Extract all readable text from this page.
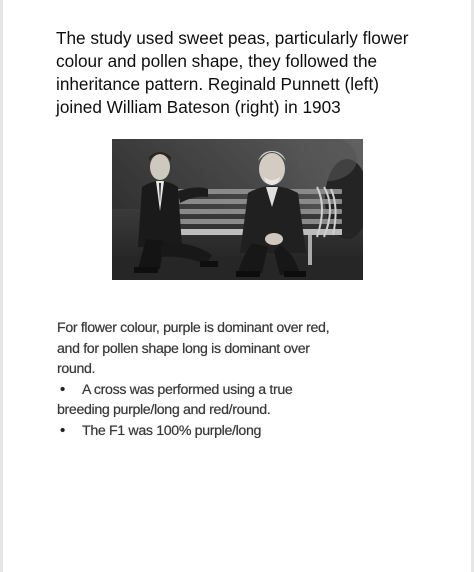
The study used sweet peas, particularly flower
colour and pollen shape, they followed the
inheritance pattern. Reginald Punnett (left)
joined William Bateson (right) in 1903

For flower colour, purple is dominant over red,
and for pollen shape long is dominant over
round.
• A cross was performed using a true
breeding purple/long and red/round.
• The F1 was 100% purple/long
